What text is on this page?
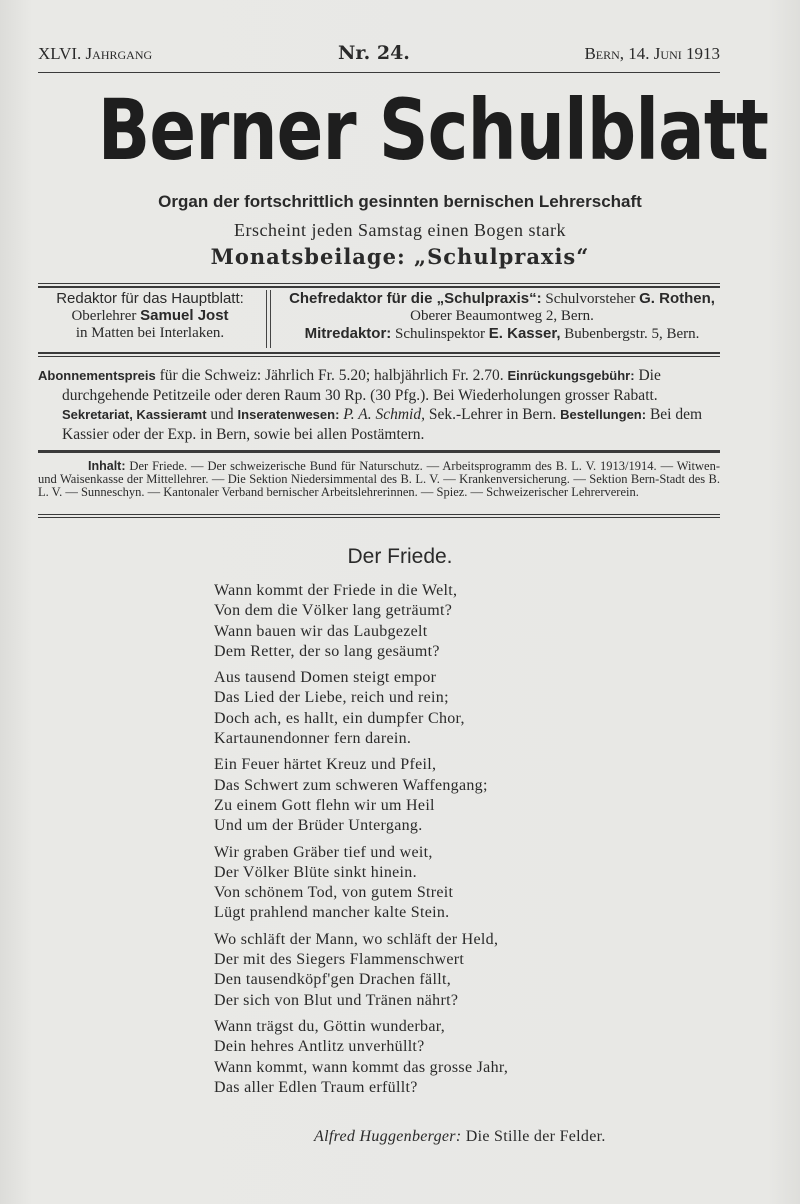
XLVI. Jahrgang	Nr. 24.	Bern, 14. Juni 1913
Berner Schulblatt
Organ der fortschrittlich gesinnten bernischen Lehrerschaft
Erscheint jeden Samstag einen Bogen stark
Monatsbeilage: „Schulpraxis“
Redaktor für das Hauptblatt:
Oberlehrer Samuel Jost
in Matten bei Interlaken.
Chefredaktor für die „Schulpraxis“: Schulvorsteher G. Rothen,
Oberer Beaumontweg 2, Bern.
Mitredaktor: Schulinspektor E. Kasser, Bubenbergstr. 5, Bern.

Abonnementspreis für die Schweiz: Jährlich Fr. 5.20; halbjährlich Fr. 2.70. Einrückungsgebühr: Die durchgehende Petitzeile oder deren Raum 30 Rp. (30 Pfg.). Bei Wiederholungen grosser Rabatt. Sekretariat, Kassieramt und Inseratenwesen: P. A. Schmid, Sek.-Lehrer in Bern. Bestellungen: Bei dem Kassier oder der Exp. in Bern, sowie bei allen Postämtern.

Inhalt: Der Friede. — Der schweizerische Bund für Naturschutz. — Arbeitsprogramm des B. L. V. 1913/1914. — Witwen- und Waisenkasse der Mittellehrer. — Die Sektion Niedersimmental des B. L. V. — Krankenversicherung. — Sektion Bern-Stadt des B. L. V. — Sunneschyn. — Kantonaler Verband bernischer Arbeitslehrerinnen. — Spiez. — Schweizerischer Lehrerverein.
Der Friede.
Wann kommt der Friede in die Welt,
Von dem die Völker lang geträumt?
Wann bauen wir das Laubgezelt
Dem Retter, der so lang gesäumt?
Aus tausend Domen steigt empor
Das Lied der Liebe, reich und rein;
Doch ach, es hallt, ein dumpfer Chor,
Kartaunendonner fern darein.
Ein Feuer härtet Kreuz und Pfeil,
Das Schwert zum schweren Waffengang;
Zu einem Gott flehn wir um Heil
Und um der Brüder Untergang.
Wir graben Gräber tief und weit,
Der Völker Blüte sinkt hinein.
Von schönem Tod, von gutem Streit
Lügt prahlend mancher kalte Stein.
Wo schläft der Mann, wo schläft der Held,
Der mit des Siegers Flammenschwert
Den tausendköpf'gen Drachen fällt,
Der sich von Blut und Tränen nährt?
Wann trägst du, Göttin wunderbar,
Dein hehres Antlitz unverhüllt?
Wann kommt, wann kommt das grosse Jahr,
Das aller Edlen Traum erfüllt?
Alfred Huggenberger: Die Stille der Felder.
